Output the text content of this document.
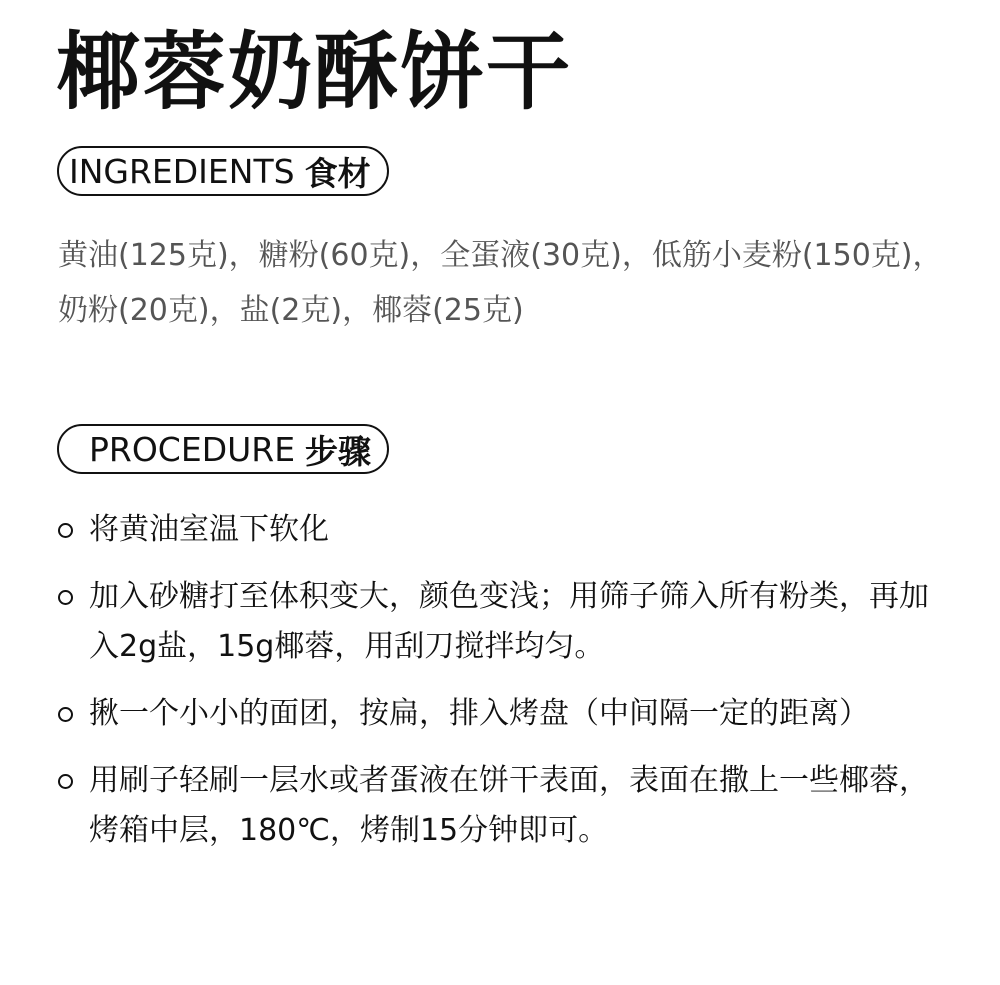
椰蓉奶酥饼干
INGREDIENTS 食材
黄油(125克)，糖粉(60克)，全蛋液(30克)，低筋小麦粉(150克)，奶粉(20克)，盐(2克)，椰蓉(25克)
PROCEDURE 步骤
将黄油室温下软化
加入砂糖打至体积变大，颜色变浅；用筛子筛入所有粉类，再加入2g盐，15g椰蓉，用刮刀搅拌均匀。
揪一个小小的面团，按扁，排入烤盘（中间隔一定的距离）
用刷子轻刷一层水或者蛋液在饼干表面，表面在撒上一些椰蓉，烤箱中层，180℃，烤制15分钟即可。
